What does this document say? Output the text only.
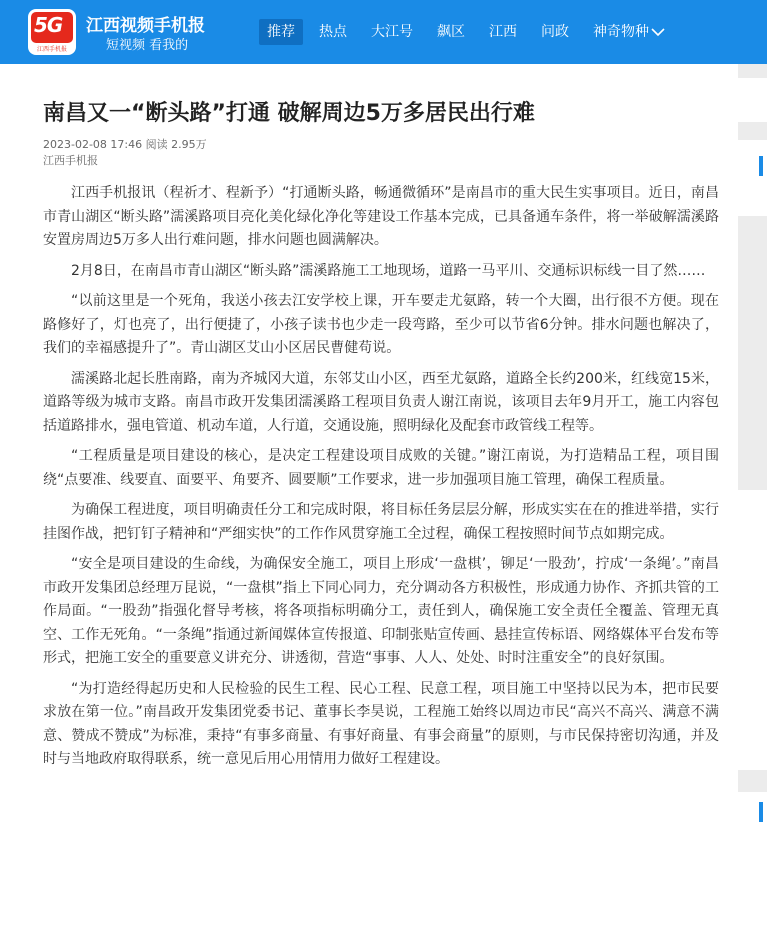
5G
江西手机报
江西视频手机报
短视频 看我的
推荐	热点	大江号	飙区	江西	问政	神奇物种
南昌又一“断头路”打通 破解周边5万多居民出行难
2023-02-08 17:46 阅读 2.95万
江西手机报

江西手机报讯（程祈才、程新予）“打通断头路，畅通微循环”是南昌市的重大民生实事项目。近日，南昌市青山湖区“断头路”濡溪路项目亮化美化绿化净化等建设工作基本完成，已具备通车条件，将一举破解濡溪路安置房周边5万多人出行难问题，排水问题也圆满解决。

2月8日，在南昌市青山湖区“断头路”濡溪路施工工地现场，道路一马平川、交通标识标线一目了然……

“以前这里是一个死角，我送小孩去江安学校上课，开车要走尤氨路，转一个大圈，出行很不方便。现在路修好了，灯也亮了，出行便捷了，小孩子读书也少走一段弯路，至少可以节省6分钟。排水问题也解决了，我们的幸福感提升了”。青山湖区艾山小区居民曹健苟说。

濡溪路北起长胜南路，南为齐城冈大道，东邻艾山小区，西至尤氨路，道路全长约200米，红线宽15米，道路等级为城市支路。南昌市政开发集团濡溪路工程项目负责人谢江南说，该项目去年9月开工，施工内容包括道路排水，强电管道、机动车道，人行道，交通设施，照明绿化及配套市政管线工程等。

“工程质量是项目建设的核心，是决定工程建设项目成败的关键。”谢江南说，为打造精品工程，项目围绕“点要准、线要直、面要平、角要齐、圆要顺”工作要求，进一步加强项目施工管理，确保工程质量。

为确保工程进度，项目明确责任分工和完成时限，将目标任务层层分解，形成实实在在的推进举措，实行挂图作战，把钉钉子精神和“严细实快”的工作作风贯穿施工全过程，确保工程按照时间节点如期完成。

“安全是项目建设的生命线，为确保安全施工，项目上形成‘一盘棋’，铆足‘一股劲’，拧成‘一条绳’。”南昌市政开发集团总经理万昆说，“一盘棋”指上下同心同力，充分调动各方积极性，形成通力协作、齐抓共管的工作局面。“一股劲”指强化督导考核，将各项指标明确分工，责任到人，确保施工安全责任全覆盖、管理无真空、工作无死角。“一条绳”指通过新闻媒体宣传报道、印制张贴宣传画、悬挂宣传标语、网络媒体平台发布等形式，把施工安全的重要意义讲充分、讲透彻，营造“事事、人人、处处、时时注重安全”的良好氛围。

“为打造经得起历史和人民检验的民生工程、民心工程、民意工程，项目施工中坚持以民为本，把市民要求放在第一位。”南昌政开发集团党委书记、董事长李昊说，工程施工始终以周边市民“高兴不高兴、满意不满意、赞成不赞成”为标准，秉持“有事多商量、有事好商量、有事会商量”的原则，与市民保持密切沟通，并及时与当地政府取得联系，统一意见后用心用情用力做好工程建设。
